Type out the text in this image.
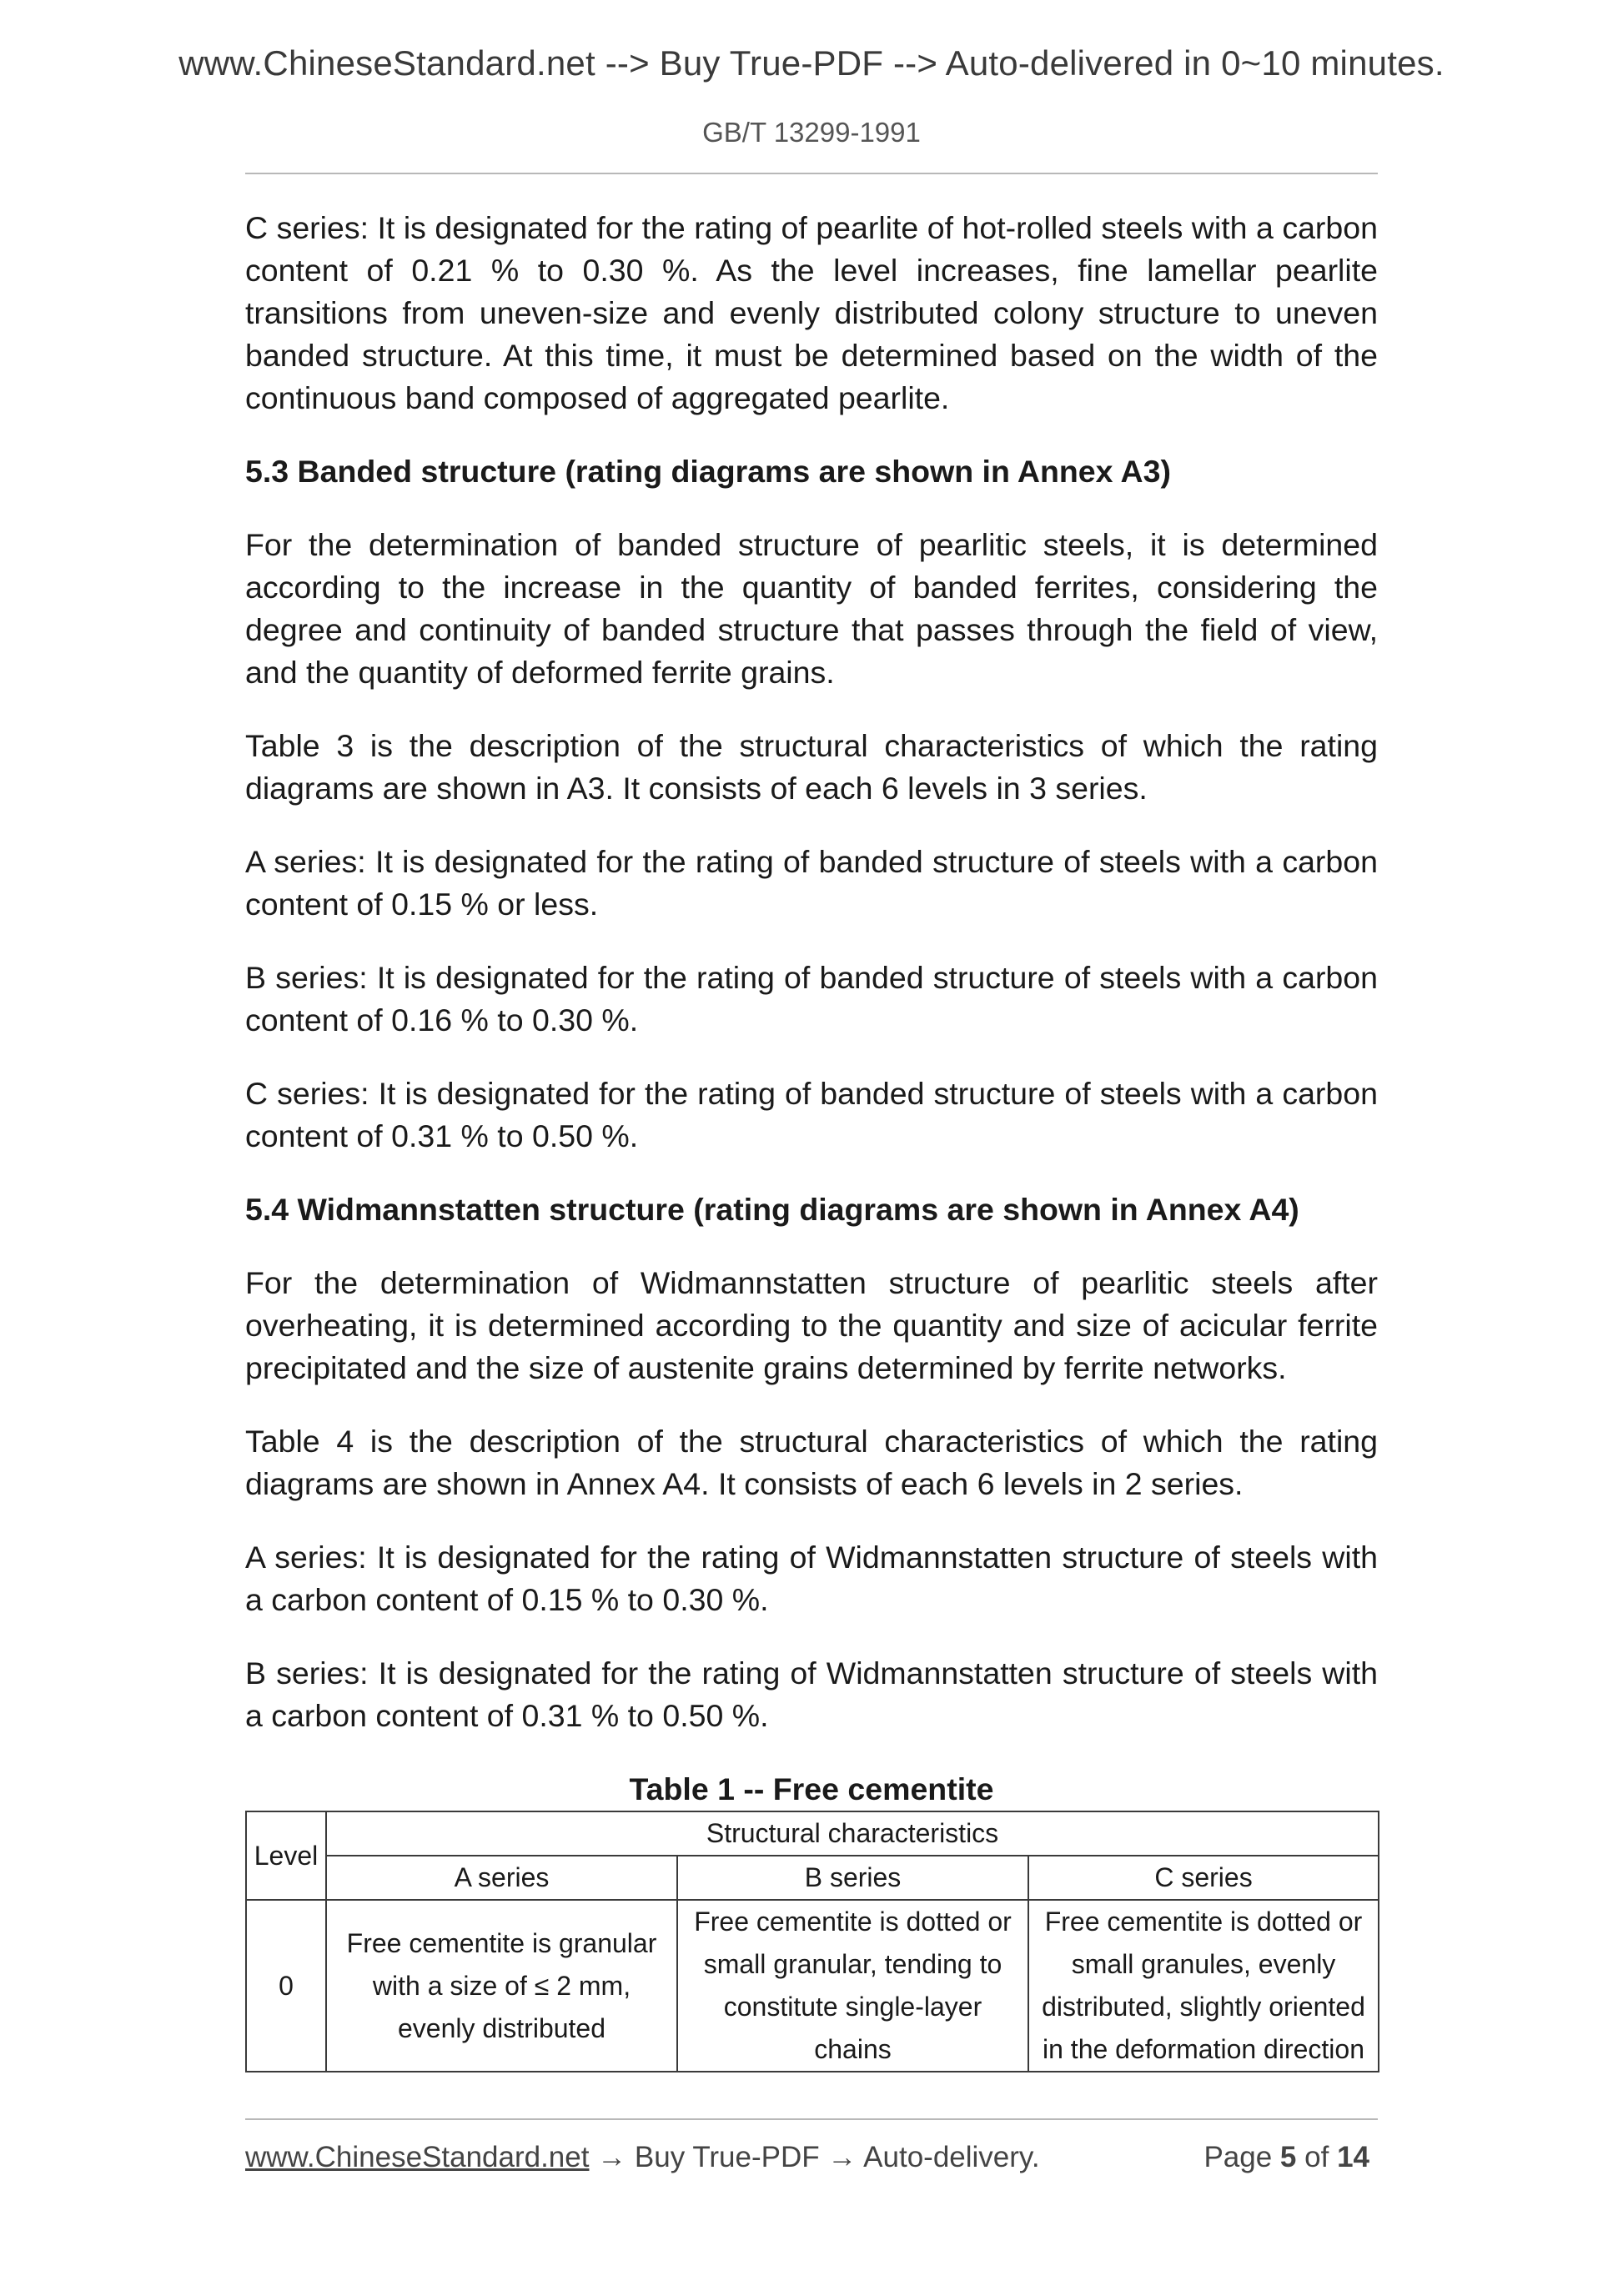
www.ChineseStandard.net --> Buy True-PDF --> Auto-delivered in 0~10 minutes.
GB/T 13299-1991

C series: It is designated for the rating of pearlite of hot-rolled steels with a carbon content of 0.21 % to 0.30 %. As the level increases, fine lamellar pearlite transitions from uneven-size and evenly distributed colony structure to uneven banded structure. At this time, it must be determined based on the width of the continuous band composed of aggregated pearlite.

5.3 Banded structure (rating diagrams are shown in Annex A3)

For the determination of banded structure of pearlitic steels, it is determined according to the increase in the quantity of banded ferrites, considering the degree and continuity of banded structure that passes through the field of view, and the quantity of deformed ferrite grains.

Table 3 is the description of the structural characteristics of which the rating diagrams are shown in A3. It consists of each 6 levels in 3 series.

A series: It is designated for the rating of banded structure of steels with a carbon content of 0.15 % or less.

B series: It is designated for the rating of banded structure of steels with a carbon content of 0.16 % to 0.30 %.

C series: It is designated for the rating of banded structure of steels with a carbon content of 0.31 % to 0.50 %.

5.4 Widmannstatten structure (rating diagrams are shown in Annex A4)

For the determination of Widmannstatten structure of pearlitic steels after overheating, it is determined according to the quantity and size of acicular ferrite precipitated and the size of austenite grains determined by ferrite networks.

Table 4 is the description of the structural characteristics of which the rating diagrams are shown in Annex A4. It consists of each 6 levels in 2 series.

A series: It is designated for the rating of Widmannstatten structure of steels with a carbon content of 0.15 % to 0.30 %.

B series: It is designated for the rating of Widmannstatten structure of steels with a carbon content of 0.31 % to 0.50 %.

Table 1 -- Free cementite

Level	Structural characteristics		
	A series	B series	C series
0	Free cementite is granular with a size of ≤ 2 mm, evenly distributed	Free cementite is dotted or small granular, tending to constitute single-layer chains	Free cementite is dotted or small granules, evenly distributed, slightly oriented in the deformation direction
www.ChineseStandard.net → Buy True-PDF → Auto-delivery.	Page 5 of 14
